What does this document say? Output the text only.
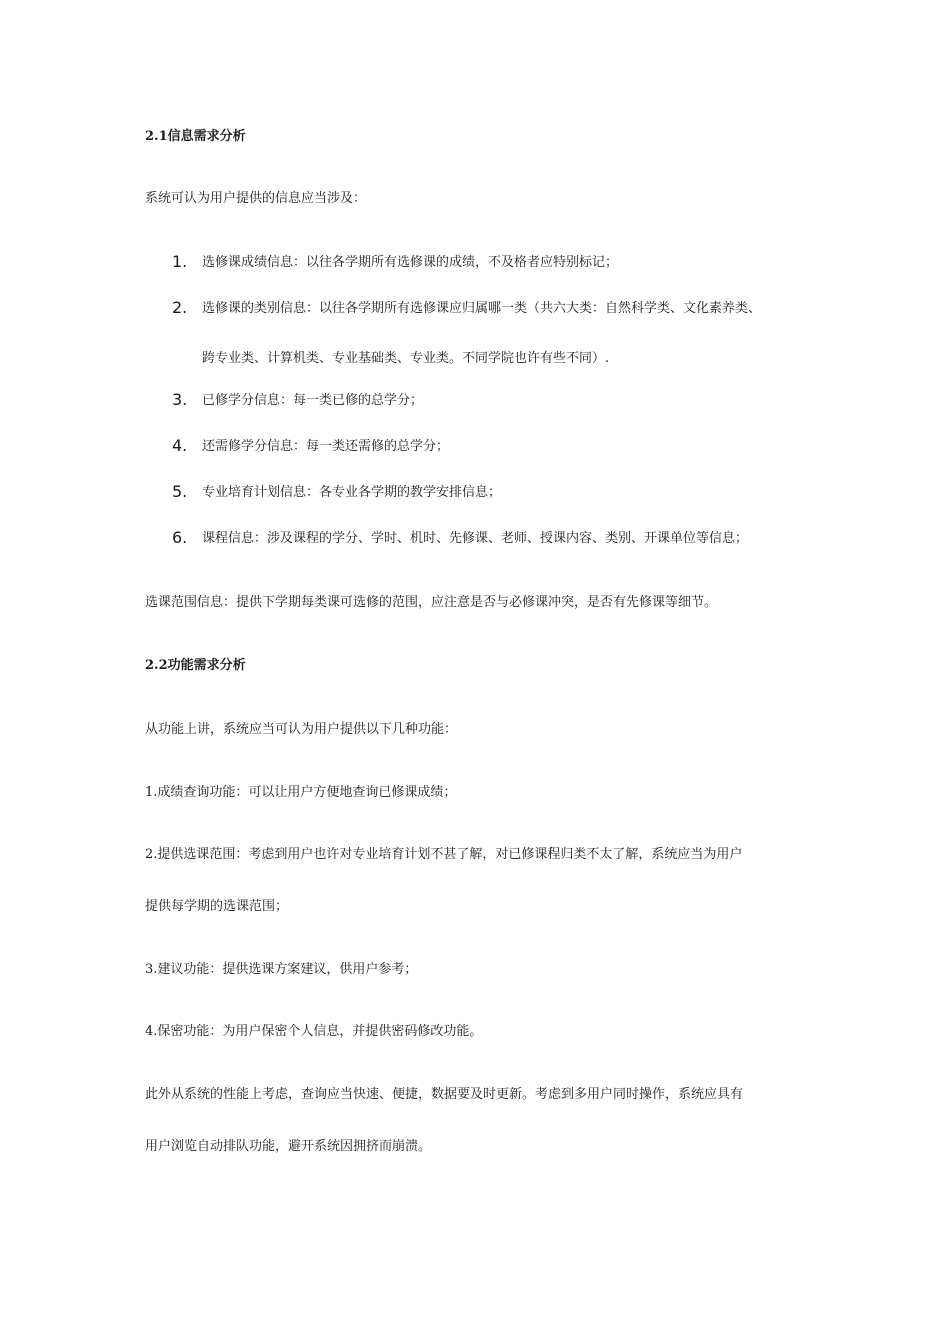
2.1信息需求分析
系统可认为用户提供的信息应当涉及：
1. 选修课成绩信息：以往各学期所有选修课的成绩，不及格者应特别标记；
2. 选修课的类别信息：以往各学期所有选修课应归属哪一类（共六大类：自然科学类、文化素养类、
跨专业类、计算机类、专业基础类、专业类。不同学院也许有些不同）.
3. 已修学分信息：每一类已修的总学分；
4. 还需修学分信息：每一类还需修的总学分；
5. 专业培育计划信息：各专业各学期的教学安排信息；
6. 课程信息：涉及课程的学分、学时、机时、先修课、老师、授课内容、类别、开课单位等信息；
选课范围信息：提供下学期每类课可选修的范围，应注意是否与必修课冲突，是否有先修课等细节。
2.2功能需求分析
从功能上讲，系统应当可认为用户提供以下几种功能：
1.成绩查询功能：可以让用户方便地查询已修课成绩；
2.提供选课范围：考虑到用户也许对专业培育计划不甚了解，对已修课程归类不太了解，系统应当为用户
提供每学期的选课范围；
3.建议功能：提供选课方案建议，供用户参考；
4.保密功能：为用户保密个人信息，并提供密码修改功能。
此外从系统的性能上考虑，查询应当快速、便捷，数据要及时更新。考虑到多用户同时操作，系统应具有
用户浏览自动排队功能，避开系统因拥挤而崩溃。
